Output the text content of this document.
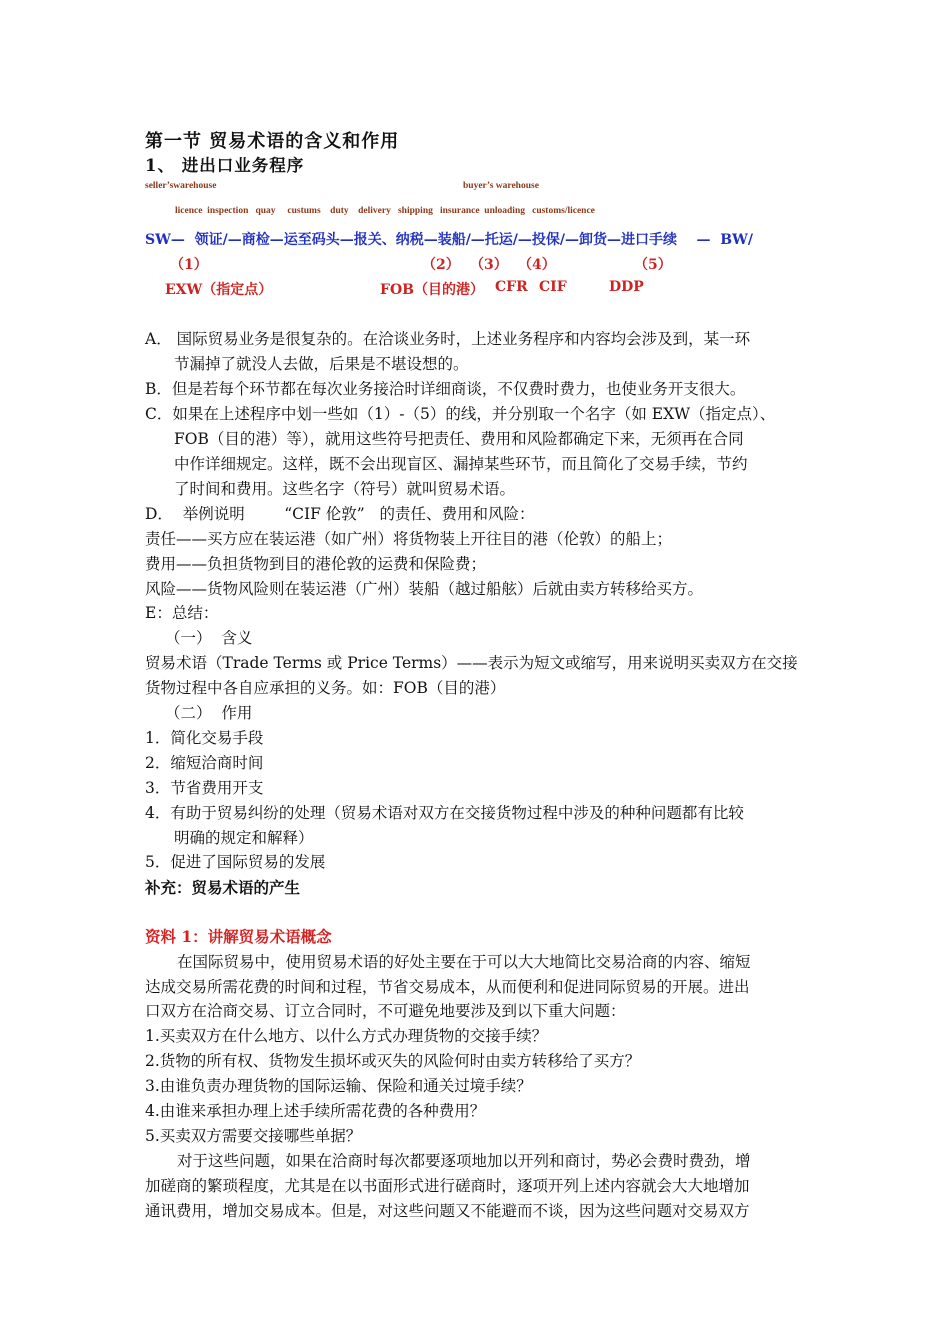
第一节 贸易术语的含义和作用
1、 进出口业务程序
seller’swarehouse	buyer’s warehouse
licence  inspection   quay     custums    duty    delivery   shipping   insurance  unloading   customs/licence
SW—  领证/—商检—运至码头—报关、纳税—装船/—托运/—投保/—卸货—进口手续    —  BW/
（1）	（2） （3） （4）	（5）
EXW（指定点）	FOB（目的港） CFR CIF	DDP
A． 国际贸易业务是很复杂的。在洽谈业务时，上述业务程序和内容均会涉及到，某一环
节漏掉了就没人去做，后果是不堪设想的。
B．但是若每个环节都在每次业务接洽时详细商谈，不仅费时费力，也使业务开支很大。
C．如果在上述程序中划一些如（1）-（5）的线，并分别取一个名字（如 EXW（指定点）、
FOB（目的港）等），就用这些符号把责任、费用和风险都确定下来，无须再在合同
中作详细规定。这样，既不会出现盲区、漏掉某些环节，而且简化了交易手续，节约
了时间和费用。这些名字（符号）就叫贸易术语。
D．  举例说明        “CIF 伦敦”   的责任、费用和风险：
责任——买方应在装运港（如广州）将货物装上开往目的港（伦敦）的船上；
费用——负担货物到目的港伦敦的运费和保险费；
风险——货物风险则在装运港（广州）装船（越过船舷）后就由卖方转移给买方。
E：总结：
（一）  含义
贸易术语（Trade Terms 或 Price Terms）——表示为短文或缩写，用来说明买卖双方在交接
货物过程中各自应承担的义务。如：FOB（目的港）
（二）  作用
1．简化交易手段
2．缩短洽商时间
3．节省费用开支
4．有助于贸易纠纷的处理（贸易术语对双方在交接货物过程中涉及的种种问题都有比较
明确的规定和解释）
5．促进了国际贸易的发展
补充：贸易术语的产生
资料 1：讲解贸易术语概念
在国际贸易中，使用贸易术语的好处主要在于可以大大地简比交易洽商的内容、缩短
达成交易所需花费的时间和过程，节省交易成本，从而便利和促进同际贸易的开展。进出
口双方在洽商交易、订立合同时，不可避免地要涉及到以下重大问题：
1.买卖双方在什么地方、以什么方式办理货物的交接手续？
2.货物的所有权、货物发生损坏或灭失的风险何时由卖方转移给了买方？
3.由谁负责办理货物的国际运输、保险和通关过境手续？
4.由谁来承担办理上述手续所需花费的各种费用？
5.买卖双方需要交接哪些单据？
对于这些问题，如果在洽商时每次都要逐项地加以开列和商讨，势必会费时费劲，增
加磋商的繁琐程度，尤其是在以书面形式进行磋商时，逐项开列上述内容就会大大地增加
通讯费用，增加交易成本。但是，对这些问题又不能避而不谈，因为这些问题对交易双方
